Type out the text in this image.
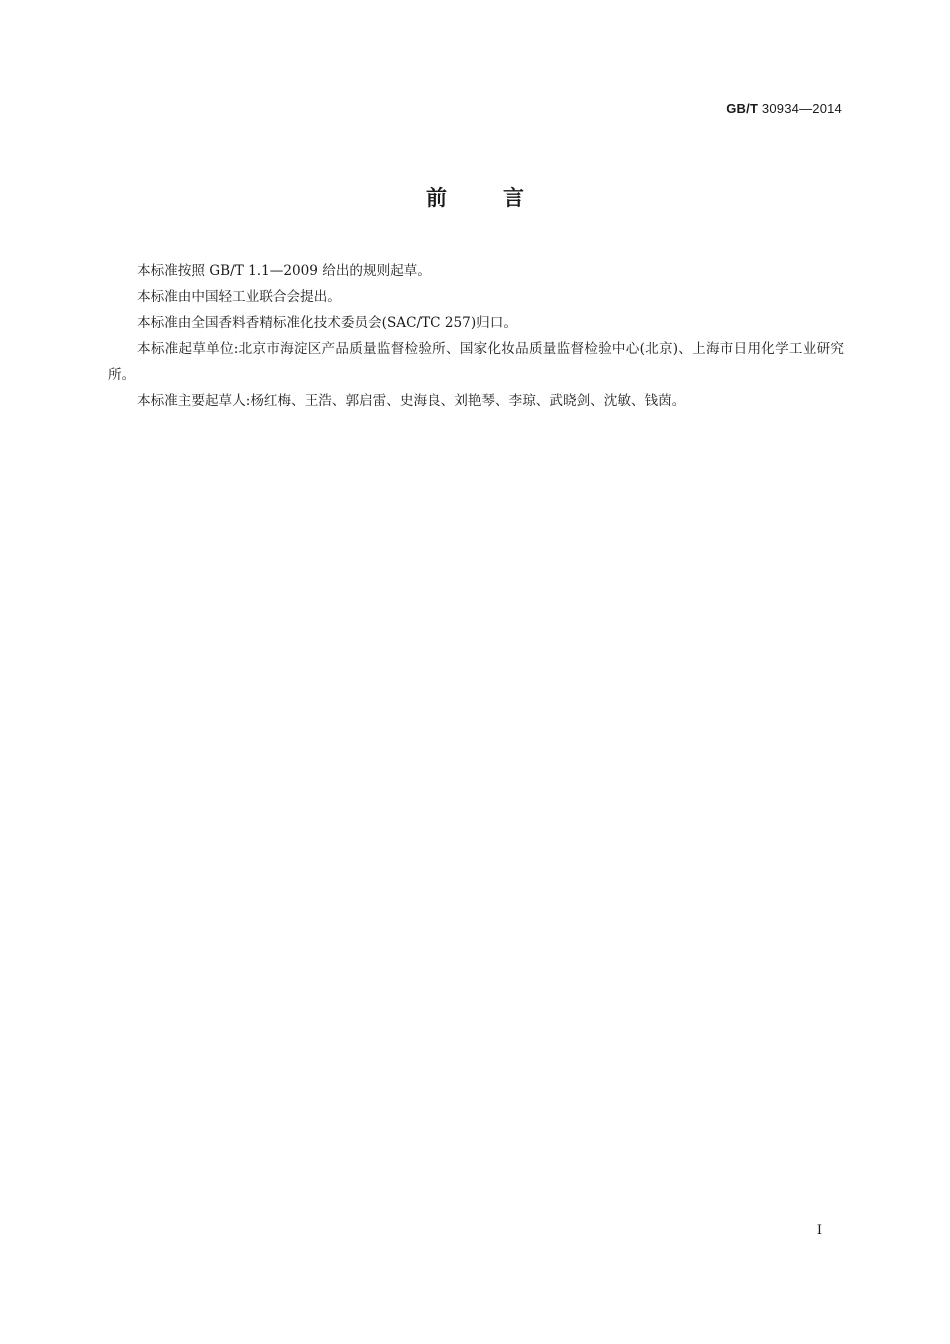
GB/T 30934—2014
前	言

本标准按照 GB/T 1.1—2009 给出的规则起草。

本标准由中国轻工业联合会提出。

本标准由全国香料香精标准化技术委员会(SAC/TC 257)归口。

本标准起草单位:北京市海淀区产品质量监督检验所、国家化妆品质量监督检验中心(北京)、上海市日用化学工业研究所。

本标准主要起草人:杨红梅、王浩、郭启雷、史海良、刘艳琴、李琼、武晓剑、沈敏、钱茵。

I
